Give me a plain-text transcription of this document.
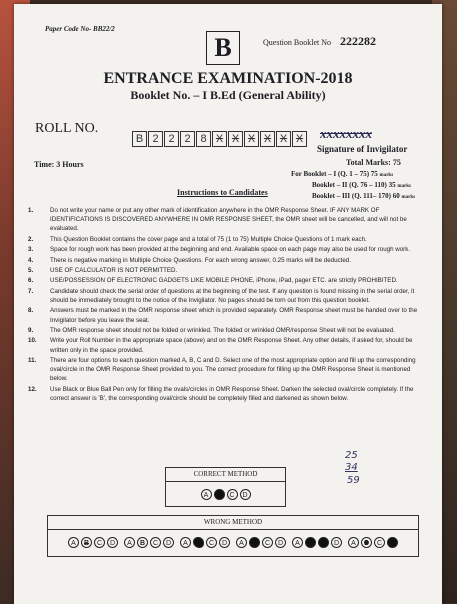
Paper Code No- BB22/2
B	Question Booklet No 222282
ENTRANCE EXAMINATION-2018
Booklet No. – I B.Ed (General Ability)
ROLL NO.
B 2 2 2 8 X X X X X X xxxxxxxx
Signature of Invigilator
Time: 3 Hours	Total Marks: 75
For Booklet – I (Q. 1 – 75) 75 marks
Booklet – II (Q. 76 – 110) 35 marks
Booklet – III (Q. 111– 170) 60 marks
Instructions to Candidates
1.	Do not write your name or put any other mark of identification anywhere in the OMR Response Sheet. IF ANY MARK OF IDENTIFICATIONS IS DISCOVERED ANYWHERE IN OMR RESPONSE SHEET, the OMR sheet will be cancelled, and will not be evaluated.
2.	This Question Booklet contains the cover page and a total of 75 (1 to 75) Multiple Choice Questions of 1 mark each.
3.	Space for rough work has been provided at the beginning and end. Available space on each page may also be used for rough work.
4.	There is negative marking in Multiple Choice Questions. For each wrong answer, 0.25 marks will be deducted.
5.	USE OF CALCULATOR IS NOT PERMITTED.
6.	USE/POSSESSION OF ELECTRONIC GADGETS LIKE MOBILE PHONE, iPhone, iPad, pager ETC. are strictly PROHIBITED.
7.	Candidate should check the serial order of questions at the beginning of the test. If any question is found missing in the serial order, it should be immediately brought to the notice of the Invigilator. No pages should be torn out from this question booklet.
8.	Answers must be marked in the OMR response sheet which is provided separately. OMR Response sheet must be handed over to the Invigilator before you leave the seat.
9.	The OMR response sheet should not be folded or wrinkled. The folded or wrinkled OMR/response Sheet will not be evaluated.
10.	Write your Roll Number in the appropriate space (above) and on the OMR Response Sheet. Any other details, if asked for, should be written only in the space provided.
11.	There are four options to each question marked A, B, C and D. Select one of the most appropriate option and fill up the corresponding oval/circle in the OMR Response Sheet provided to you. The correct procedure for filling up the OMR Response Sheet is mentioned below.
12.	Use Black or Blue Ball Pen only for filling the ovals/circles in OMR Response Sheet. Darken the selected oval/circle completely. If the correct answer is 'B', the corresponding oval/circle should be completely filled and darkened as shown below.
25
34
59
CORRECT METHOD
A	B	C	D
WRONG METHOD
A	B	C	D	A	B	C	D	A	B	C	D	A	B	C	D	A	B	C	D	A	B	C	D
